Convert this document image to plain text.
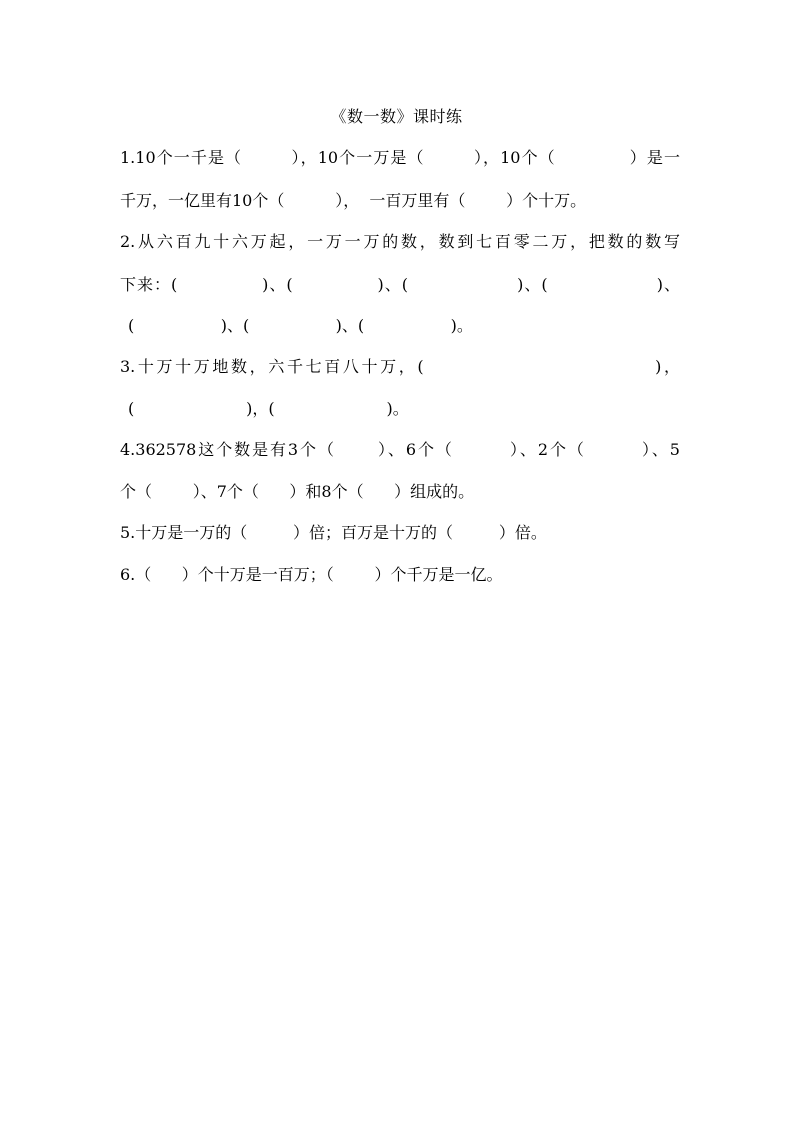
《数一数》课时练
1.10个一千是（        ），10个一万是（        ），10个（            ）是一
千万，一亿里有10个（          ），  一百万里有（        ）个十万。
2.从六百九十六万起，一万一万的数，数到七百零二万，把数的数写
下来：(              )、(              )、(                  )、(                  )、
(                 )、(                 )、(                 )。
3.十万十万地数，六千七百八十万，(                              )，
(                      )，(                      )。
4.362578这个数是有3个（      ）、6个（        ）、2个（        ）、5
个（        ）、7个（      ）和8个（      ）组成的。
5.十万是一万的（         ）倍；百万是十万的（         ）倍。
6.（      ）个十万是一百万；（        ）个千万是一亿。
